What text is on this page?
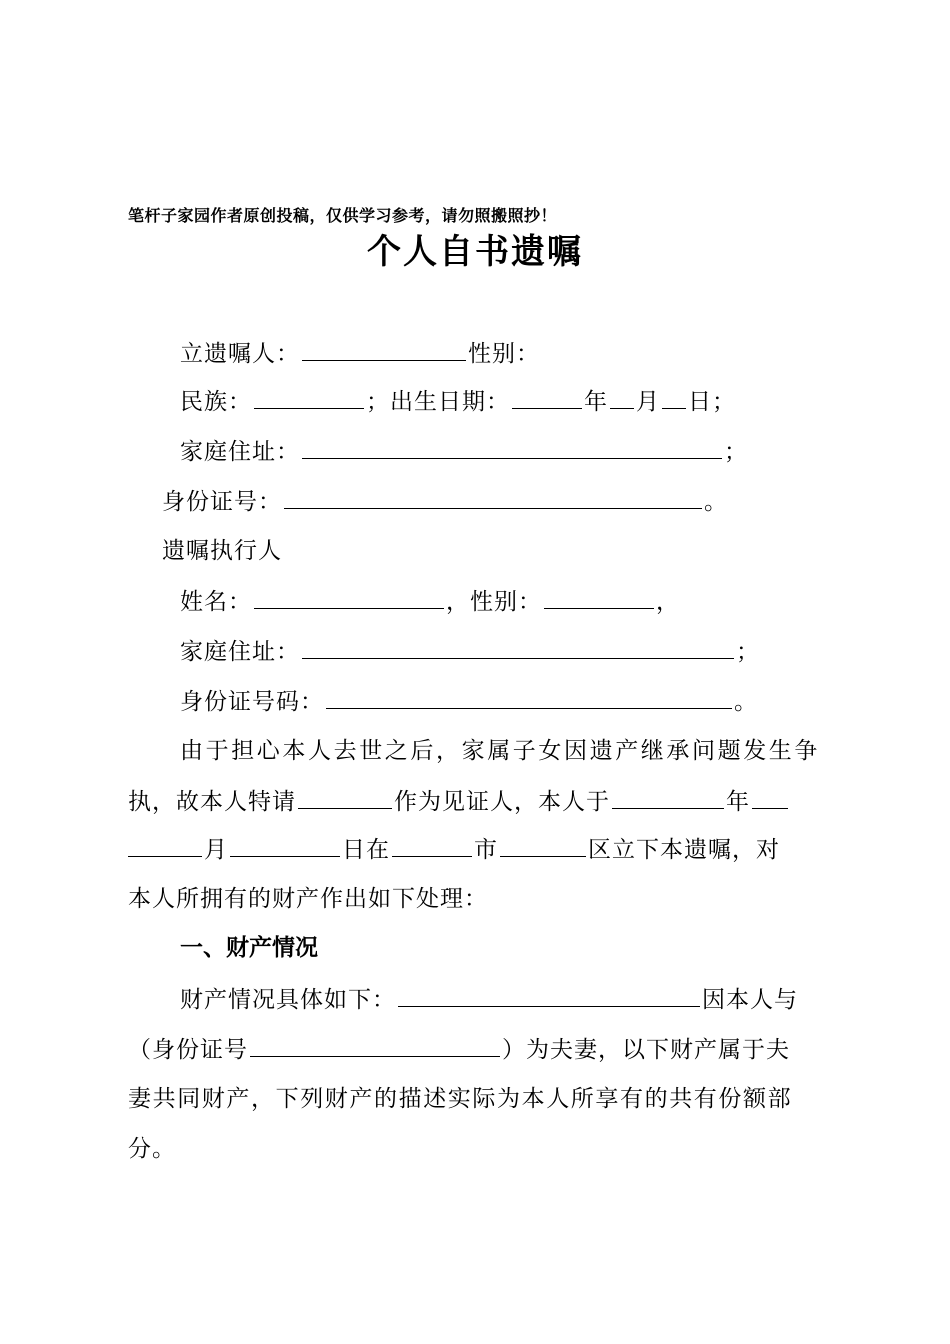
笔杆子家园作者原创投稿，仅供学习参考，请勿照搬照抄！
个人自书遗嘱
立遗嘱人：	性别：
民族：	；出生日期：	年 月 日；
家庭住址：	；
身份证号：	。
遗嘱执行人
姓名：	，性别：	，
家庭住址：	；
身份证号码：	。
由于担心本人去世之后，家属子女因遗产继承问题发生争
执，故本人特请	作为见证人，本人于	年
月	日在	市	区立下本遗嘱，对
本人所拥有的财产作出如下处理：
一、财产情况
财产情况具体如下：	因本人与
（身份证号	）为夫妻，以下财产属于夫
妻共同财产，下列财产的描述实际为本人所享有的共有份额部
分。
